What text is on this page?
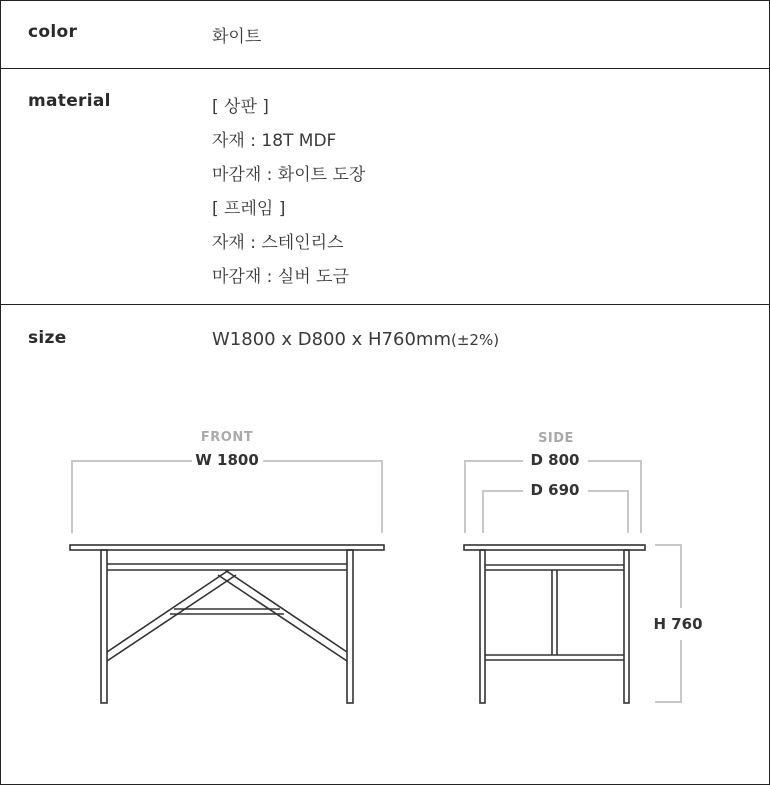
color	화이트
material	[ 상판 ]
자재 : 18T MDF
마감재 : 화이트 도장
[ 프레임 ]
자재 : 스테인리스
마감재 : 실버 도금
size	W1800 x D800 x H760mm(±2%)
FRONT
W 1800
SIDE
D 800
D 690
H 760
